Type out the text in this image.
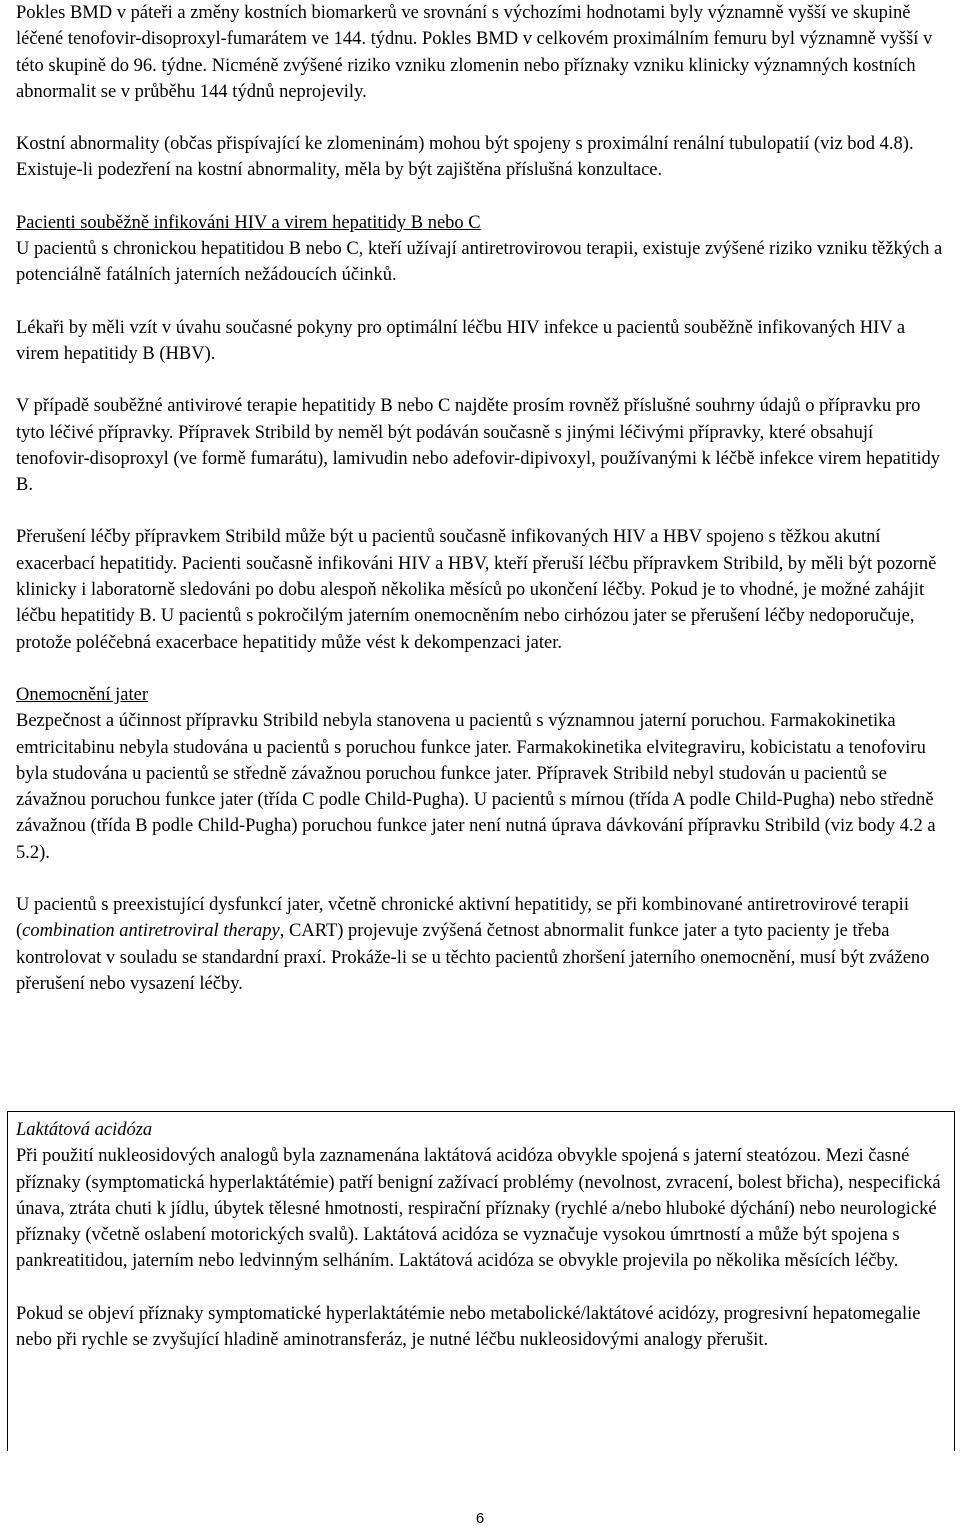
Pokles BMD v páteři a změny kostních biomarkerů ve srovnání s výchozími hodnotami byly významně vyšší ve skupině léčené tenofovir-disoproxyl-fumarátem ve 144. týdnu. Pokles BMD v celkovém proximálním femuru byl významně vyšší v této skupině do 96. týdne. Nicméně zvýšené riziko vzniku zlomenin nebo příznaky vzniku klinicky významných kostních abnormalit se v průběhu 144 týdnů neprojevily.

Kostní abnormality (občas přispívající ke zlomeninám) mohou být spojeny s proximální renální tubulopatií (viz bod 4.8). Existuje-li podezření na kostní abnormality, měla by být zajištěna příslušná konzultace.

Pacienti souběžně infikováni HIV a virem hepatitidy B nebo C

U pacientů s chronickou hepatitidou B nebo C, kteří užívají antiretrovirovou terapii, existuje zvýšené riziko vzniku těžkých a potenciálně fatálních jaterních nežádoucích účinků.

Lékaři by měli vzít v úvahu současné pokyny pro optimální léčbu HIV infekce u pacientů souběžně infikovaných HIV a virem hepatitidy B (HBV).

V případě souběžné antivirové terapie hepatitidy B nebo C najděte prosím rovněž příslušné souhrny údajů o přípravku pro tyto léčivé přípravky. Přípravek Stribild by neměl být podáván současně s jinými léčivými přípravky, které obsahují tenofovir-disoproxyl (ve formě fumarátu), lamivudin nebo adefovir-dipivoxyl, používanými k léčbě infekce virem hepatitidy B.

Přerušení léčby přípravkem Stribild může být u pacientů současně infikovaných HIV a HBV spojeno s těžkou akutní exacerbací hepatitidy. Pacienti současně infikováni HIV a HBV, kteří přeruší léčbu přípravkem Stribild, by měli být pozorně klinicky i laboratorně sledováni po dobu alespoň několika měsíců po ukončení léčby. Pokud je to vhodné, je možné zahájit léčbu hepatitidy B. U pacientů s pokročilým jaterním onemocněním nebo cirhózou jater se přerušení léčby nedoporučuje, protože poléčebná exacerbace hepatitidy může vést k dekompenzaci jater.

Onemocnění jater

Bezpečnost a účinnost přípravku Stribild nebyla stanovena u pacientů s významnou jaterní poruchou. Farmakokinetika emtricitabinu nebyla studována u pacientů s poruchou funkce jater. Farmakokinetika elvitegraviru, kobicistatu a tenofoviru byla studována u pacientů se středně závažnou poruchou funkce jater. Přípravek Stribild nebyl studován u pacientů se závažnou poruchou funkce jater (třída C podle Child-Pugha). U pacientů s mírnou (třída A podle Child-Pugha) nebo středně závažnou (třída B podle Child-Pugha) poruchou funkce jater není nutná úprava dávkování přípravku Stribild (viz body 4.2 a 5.2).

U pacientů s preexistující dysfunkcí jater, včetně chronické aktivní hepatitidy, se při kombinované antiretrovirové terapii (combination antiretroviral therapy, CART) projevuje zvýšená četnost abnormalit funkce jater a tyto pacienty je třeba kontrolovat v souladu se standardní praxí. Prokáže-li se u těchto pacientů zhoršení jaterního onemocnění, musí být zváženo přerušení nebo vysazení léčby.

Laktátová acidóza

Při použití nukleosidových analogů byla zaznamenána laktátová acidóza obvykle spojená s jaterní steatózou. Mezi časné příznaky (symptomatická hyperlaktátémie) patří benigní zažívací problémy (nevolnost, zvracení, bolest břicha), nespecifická únava, ztráta chuti k jídlu, úbytek tělesné hmotnosti, respirační příznaky (rychlé a/nebo hluboké dýchání) nebo neurologické příznaky (včetně oslabení motorických svalů). Laktátová acidóza se vyznačuje vysokou úmrtností a může být spojena s pankreatitidou, jaterním nebo ledvinným selháním. Laktátová acidóza se obvykle projevila po několika měsících léčby.

Pokud se objeví příznaky symptomatické hyperlaktátémie nebo metabolické/laktátové acidózy, progresivní hepatomegalie nebo při rychle se zvyšující hladině aminotransferáz, je nutné léčbu nukleosidovými analogy přerušit.

6
